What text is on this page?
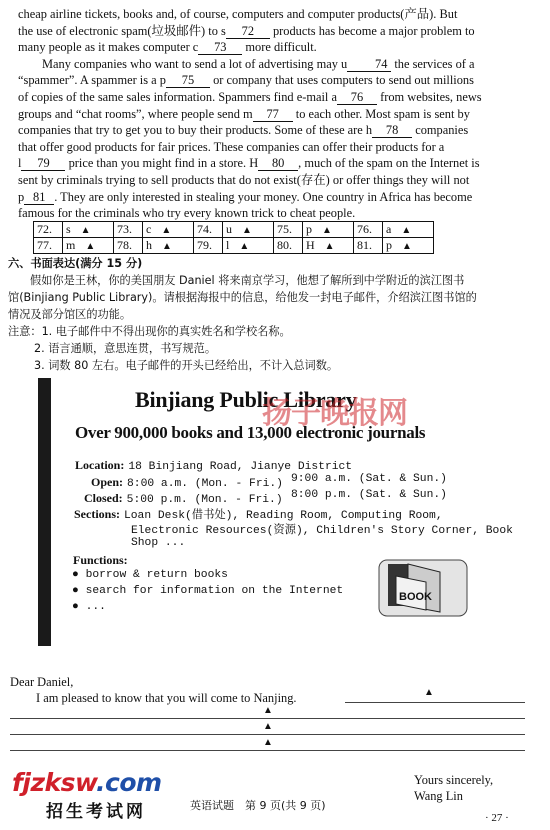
cheap airline tickets, books and, of course, computers and computer products(产品). But

the use of electronic spam(垃圾邮件) to s 72 products has become a major problem to

many people as it makes computer c 73 more difficult.

Many companies who want to send a lot of advertising may u 74 the services of a

“spammer”. A spammer is a p 75 or company that uses computers to send out millions

of copies of the same sales information. Spammers find e-mail a 76 from websites, news

groups and “chat rooms”, where people send m 77 to each other. Most spam is sent by

companies that try to get you to buy their products. Some of these are h 78 companies

that offer good products for fair prices. These companies can offer their products for a

l 79 price than you might find in a store. H 80 , much of the spam on the Internet is

sent by criminals trying to sell products that do not exist(存在) or offer things they will not

p 81 . They are only interested in stealing your money. One country in Africa has become

famous for the criminals who try every known trick to cheat people.

72.	s ▲	73.	c ▲	74.	u ▲	75.	p ▲	76.	a ▲
77.	m ▲	78.	h ▲	79.	l ▲	80.	H ▲	81.	p ▲
六、书面表达(满分 15 分)
假如你是王林，你的美国朋友 Daniel 将来南京学习，他想了解所到中学附近的滨江图书
馆(Binjiang Public Library)。请根据海报中的信息，给他发一封电子邮件，介绍滨江图书馆的
情况及部分馆区的功能。
注意：1. 电子邮件中不得出现你的真实姓名和学校名称。
2. 语言通顺，意思连贯，书写规范。
3. 词数 80 左右。电子邮件的开头已经给出，不计入总词数。
Binjiang Public Library
扬子晚报网
Over 900,000 books and 13,000 electronic journals
Location: 18 Binjiang Road, Jianye District
Open: 8:00 a.m. (Mon. - Fri.) 9:00 a.m. (Sat. & Sun.)
Closed: 5:00 p.m. (Mon. - Fri.) 8:00 p.m. (Sat. & Sun.)
Sections: Loan Desk(借书处), Reading Room, Computing Room,
Electronic Resources(资源), Children's Story Corner, Book
Shop ...
Functions:
● borrow & return books
● search for information on the Internet
● ...
BOOK
Dear Daniel,
I am pleased to know that you will come to Nanjing.	▲
▲
▲
▲
Yours sincerely,
Wang Lin
fjzksw.com
招生考试网	英语试题　第 9 页(共 9 页)
· 27 ·
